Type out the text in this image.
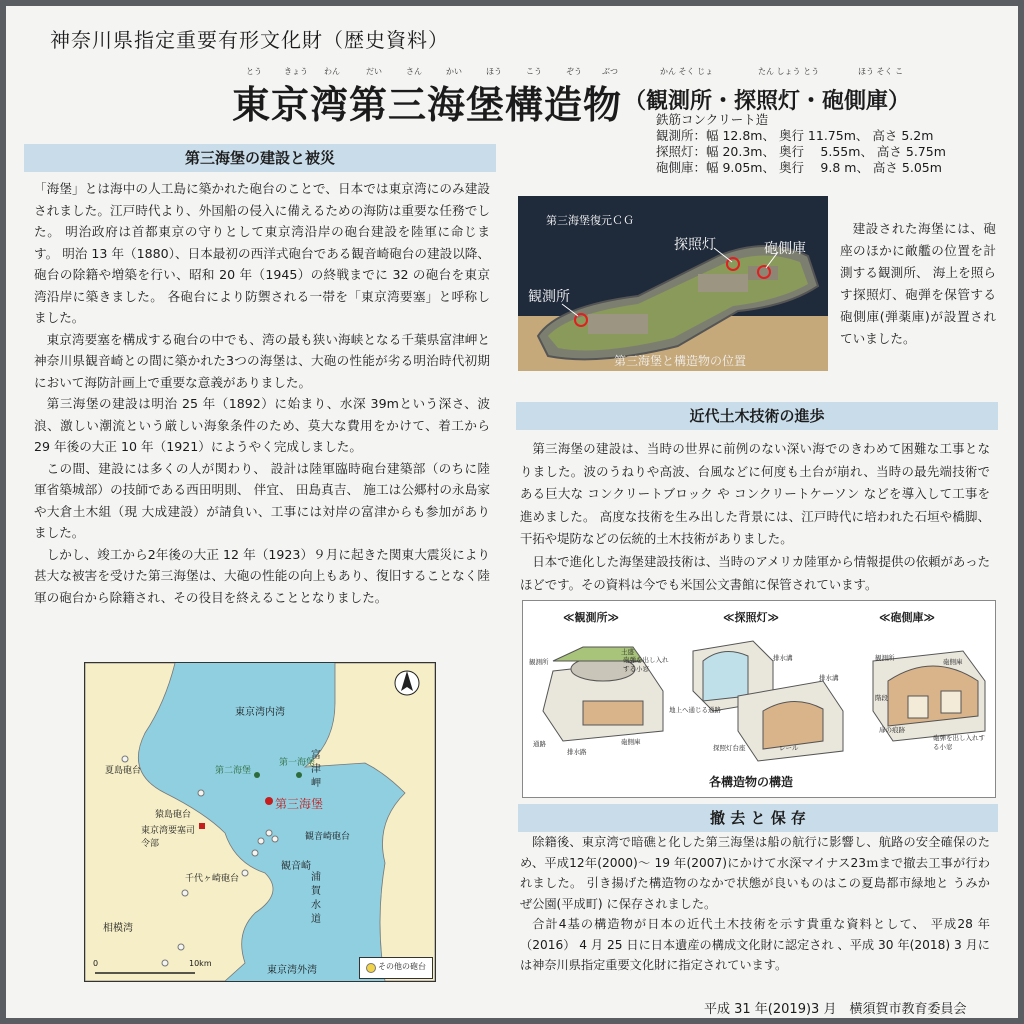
神奈川県指定重要有形文化財（歴史資料）
とう	きょう わん	だい	さん	かい	ほう	こう	ぞう	ぶつ	かん そく じょ	たん しょう とう	ほう そく こ
東京湾第三海堡構造物 （観測所・探照灯・砲側庫）
鉄筋コンクリート造
観測所：幅 12.8m、 奥行 11.75m、 高さ 5.2m
探照灯：幅 20.3m、 奥行 　5.55m、 高さ 5.75m
砲側庫：幅 9.05m、 奥行 　9.8 m、 高さ 5.05m
第三海堡の建設と被災

「海堡」とは海中の人工島に築かれた砲台のことで、日本では東京湾にのみ建設されました。江戸時代より、外国船の侵入に備えるための海防は重要な任務でした。 明治政府は首都東京の守りとして東京湾沿岸の砲台建設を陸軍に命じます。 明治 13 年（1880）、日本最初の西洋式砲台である観音崎砲台の建設以降、砲台の除籍や増築を行い、昭和 20 年（1945）の終戦までに 32 の砲台を東京湾沿岸に築きました。 各砲台により防禦される一帯を「東京湾要塞」と呼称しました。

東京湾要塞を構成する砲台の中でも、湾の最も狭い海峡となる千葉県富津岬と神奈川県観音崎との間に築かれた3つの海堡は、大砲の性能が劣る明治時代初期において海防計画上で重要な意義がありました。

第三海堡の建設は明治 25 年（1892）に始まり、水深 39mという深さ、波浪、激しい潮流という厳しい海象条件のため、莫大な費用をかけて、着工から 29 年後の大正 10 年（1921）にようやく完成しました。

この間、建設には多くの人が関わり、 設計は陸軍臨時砲台建築部（のちに陸軍省築城部）の技師である西田明則、 伴宜、 田島真吉、 施工は公郷村の永島家や大倉土木組（現 大成建設）が請負い、工事には対岸の富津からも参加がありました。

しかし、竣工から2年後の大正 12 年（1923）９月に起きた関東大震災により甚大な被害を受けた第三海堡は、大砲の性能の向上もあり、復旧することなく陸軍の砲台から除籍され、その役目を終えることとなりました。

第三海堡復元ＣＧ
探照灯	砲側庫
観測所
第三海堡と構造物の位置
建設された海堡には、砲座のほかに敵艦の位置を計測する観測所、 海上を照らす探照灯、砲弾を保管する砲側庫(弾薬庫)が設置されていました。
近代土木技術の進歩

第三海堡の建設は、当時の世界に前例のない深い海でのきわめて困難な工事となりました。波のうねりや高波、台風などに何度も土台が崩れ、当時の最先端技術である巨大な コンクリートブロック や コンクリートケーソン などを導入して工事を進めました。 高度な技術を生み出した背景には、江戸時代に培われた石垣や橋脚、干拓や堤防などの伝統的土木技術がありました。

日本で進化した海堡建設技術は、当時のアメリカ陸軍から情報提供の依頼があったほどです。その資料は今でも米国公文書館に保管されています。

≪観測所≫	≪探照灯≫	≪砲側庫≫
観測所
土盛
砲弾を出し入れする小窓
通路
排水路
砲側庫
排水溝
地上へ通じる通路
探照灯台座	レール
排水溝
観測所
階段
砲側庫
扉の痕跡
砲弾を出し入れする小窓
各構造物の構造
撤 去 と 保 存

除籍後、東京湾で暗礁と化した第三海堡は船の航行に影響し、航路の安全確保のため、平成12年(2000)～ 19 年(2007)にかけて水深マイナス23ｍまで撤去工事が行われました。 引き揚げた構造物のなかで状態が良いものはこの夏島都市緑地と うみかぜ公園(平成町) に保存されました。

合計4基の構造物が日本の近代土木技術を示す貴重な資料として、 平成28 年（2016） 4 月 25 日に日本遺産の構成文化財に認定され 、平成 30 年(2018) 3 月には神奈川県指定重要文化財に指定されています。

東京湾内湾
東京湾外湾
相模湾
浦賀水道
富津岬
観音崎
夏島砲台
第一海堡
第二海堡
第三海堡
猿島砲台
東京湾要塞司令部
観音崎砲台
千代ヶ崎砲台
0	10km	その他の砲台
平成 31 年(2019)3 月　横須賀市教育委員会
